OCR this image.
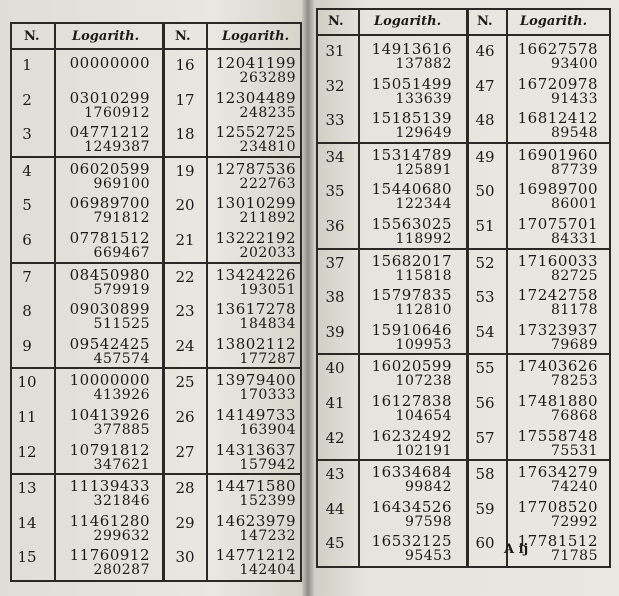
N. Logarith.	N. Logarith.
N. Logarith.	N. Logarith.
1	00000000
2	03010299
1760912
3	04771212
1249387
4	06020599
969100
5	06989700
791812
6	07781512
669467
7	08450980
579919
8	09030899
511525
9	09542425
457574
10 10000000
413926
11 10413926
377885
12 10791812
347621
13 11139433
321846
14 11461280
299632
15 11760912
280287
16 12041199
263289
17 12304489
248235
18 12552725
234810
19 12787536
222763
20 13010299
211892
21 13222192
202033
22 13424226
193051
23 13617278
184834
24 13802112
177287
25 13979400
170333
26 14149733
163904
27 14313637
157942
28 14471580
152399
29 14623979
147232
30 14771212
142404
31 14913616
137882
32 15051499
133639
33 15185139
129649
34 15314789
125891
35 15440680
122344
36 15563025
118992
37 15682017
115818
38 15797835
112810
39 15910646
109953
40 16020599
107238
41 16127838
104654
42 16232492
102191
43 16334684
99842
44 16434526
97598
45 16532125
95453
46 16627578
93400
47 16720978
91433
48 16812412
89548
49 16901960
87739
50 16989700
86001
51 17075701
84331
52 17160033
82725
53 17242758
81178
54 17323937
79689
55 17403626
78253
56 17481880
76868
57 17558748
75531
58 17634279
74240
59 17708520
72992
60 17781512
71785
A ij
